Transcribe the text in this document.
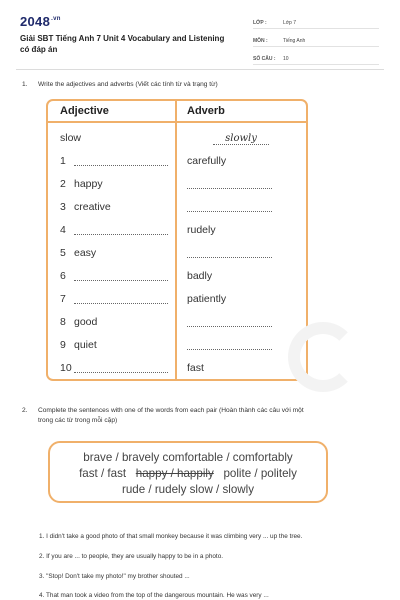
$2048^{.vn}$
Giải SBT Tiếng Anh 7 Unit 4 Vocabulary and Listening có đáp án
LỚP :	Lớp 7
MÔN :	Tiếng Anh
SỐ CÂU :	10
1. Write the adjectives and adverbs (Viết các tính từ và trạng từ)
Adjective	Adverb
slow	slowly
1	carefully
2 happy
3 creative
4	rudely
5 easy
6	badly
7	patiently
8 good
9 quiet
10	fast
2. Complete the sentences with one of the words from each pair (Hoàn thành các câu với một
trong các từ trong mỗi cặp)
brave / bravely comfortable / comfortably
fast / fast happy / happily polite / politely
rude / rudely slow / slowly
1. I didn't take a good photo of that small monkey because it was climbing very ... up the tree.
2. If you are ... to people, they are usually happy to be in a photo.
3. "Stop! Don't take my photo!" my brother shouted ...
4. That man took a video from the top of the dangerous mountain. He was very ...
